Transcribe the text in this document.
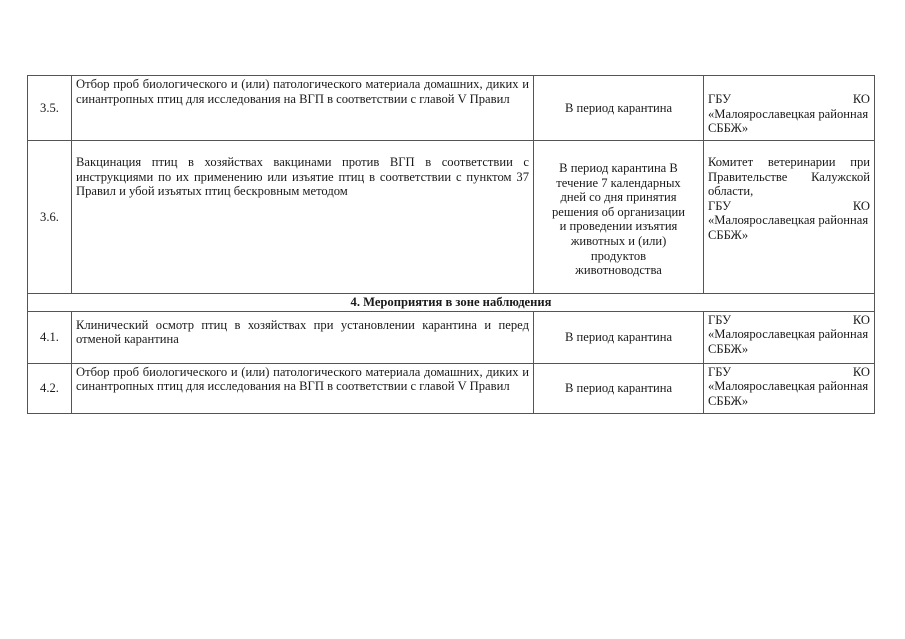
3.5.	Отбор проб биологического и (или) патологического материала домашних, диких и синантропных птиц для исследования на ВГП в соответствии с главой V Правил	В период карантина	ГБУ КО
«Малоярославецкая районная СББЖ»

3.6.	Вакцинация птиц в хозяйствах вакцинами против ВГП в соответствии с инструкциями по их применению или изъятие птиц в соответствии с пунктом 37 Правил и убой изъятых птиц бескровным методом	В период карантина В течение 7 календарных дней со дня принятия решения об организации и проведении изъятия животных и (или) продуктов животноводства	Комитет ветеринарии при Правительстве Калужской области,
ГБУ КО
«Малоярославецкая районная СББЖ»

4. Мероприятия в зоне наблюдения			
4.1.	Клинический осмотр птиц в хозяйствах при установлении карантина и перед отменой карантина	В период карантина	ГБУ КО
«Малоярославецкая районная СББЖ»

4.2.	Отбор проб биологического и (или) патологического материала домашних, диких и синантропных птиц для исследования на ВГП в соответствии с главой V Правил	В период карантина	ГБУ КО
«Малоярославецкая районная СББЖ»
